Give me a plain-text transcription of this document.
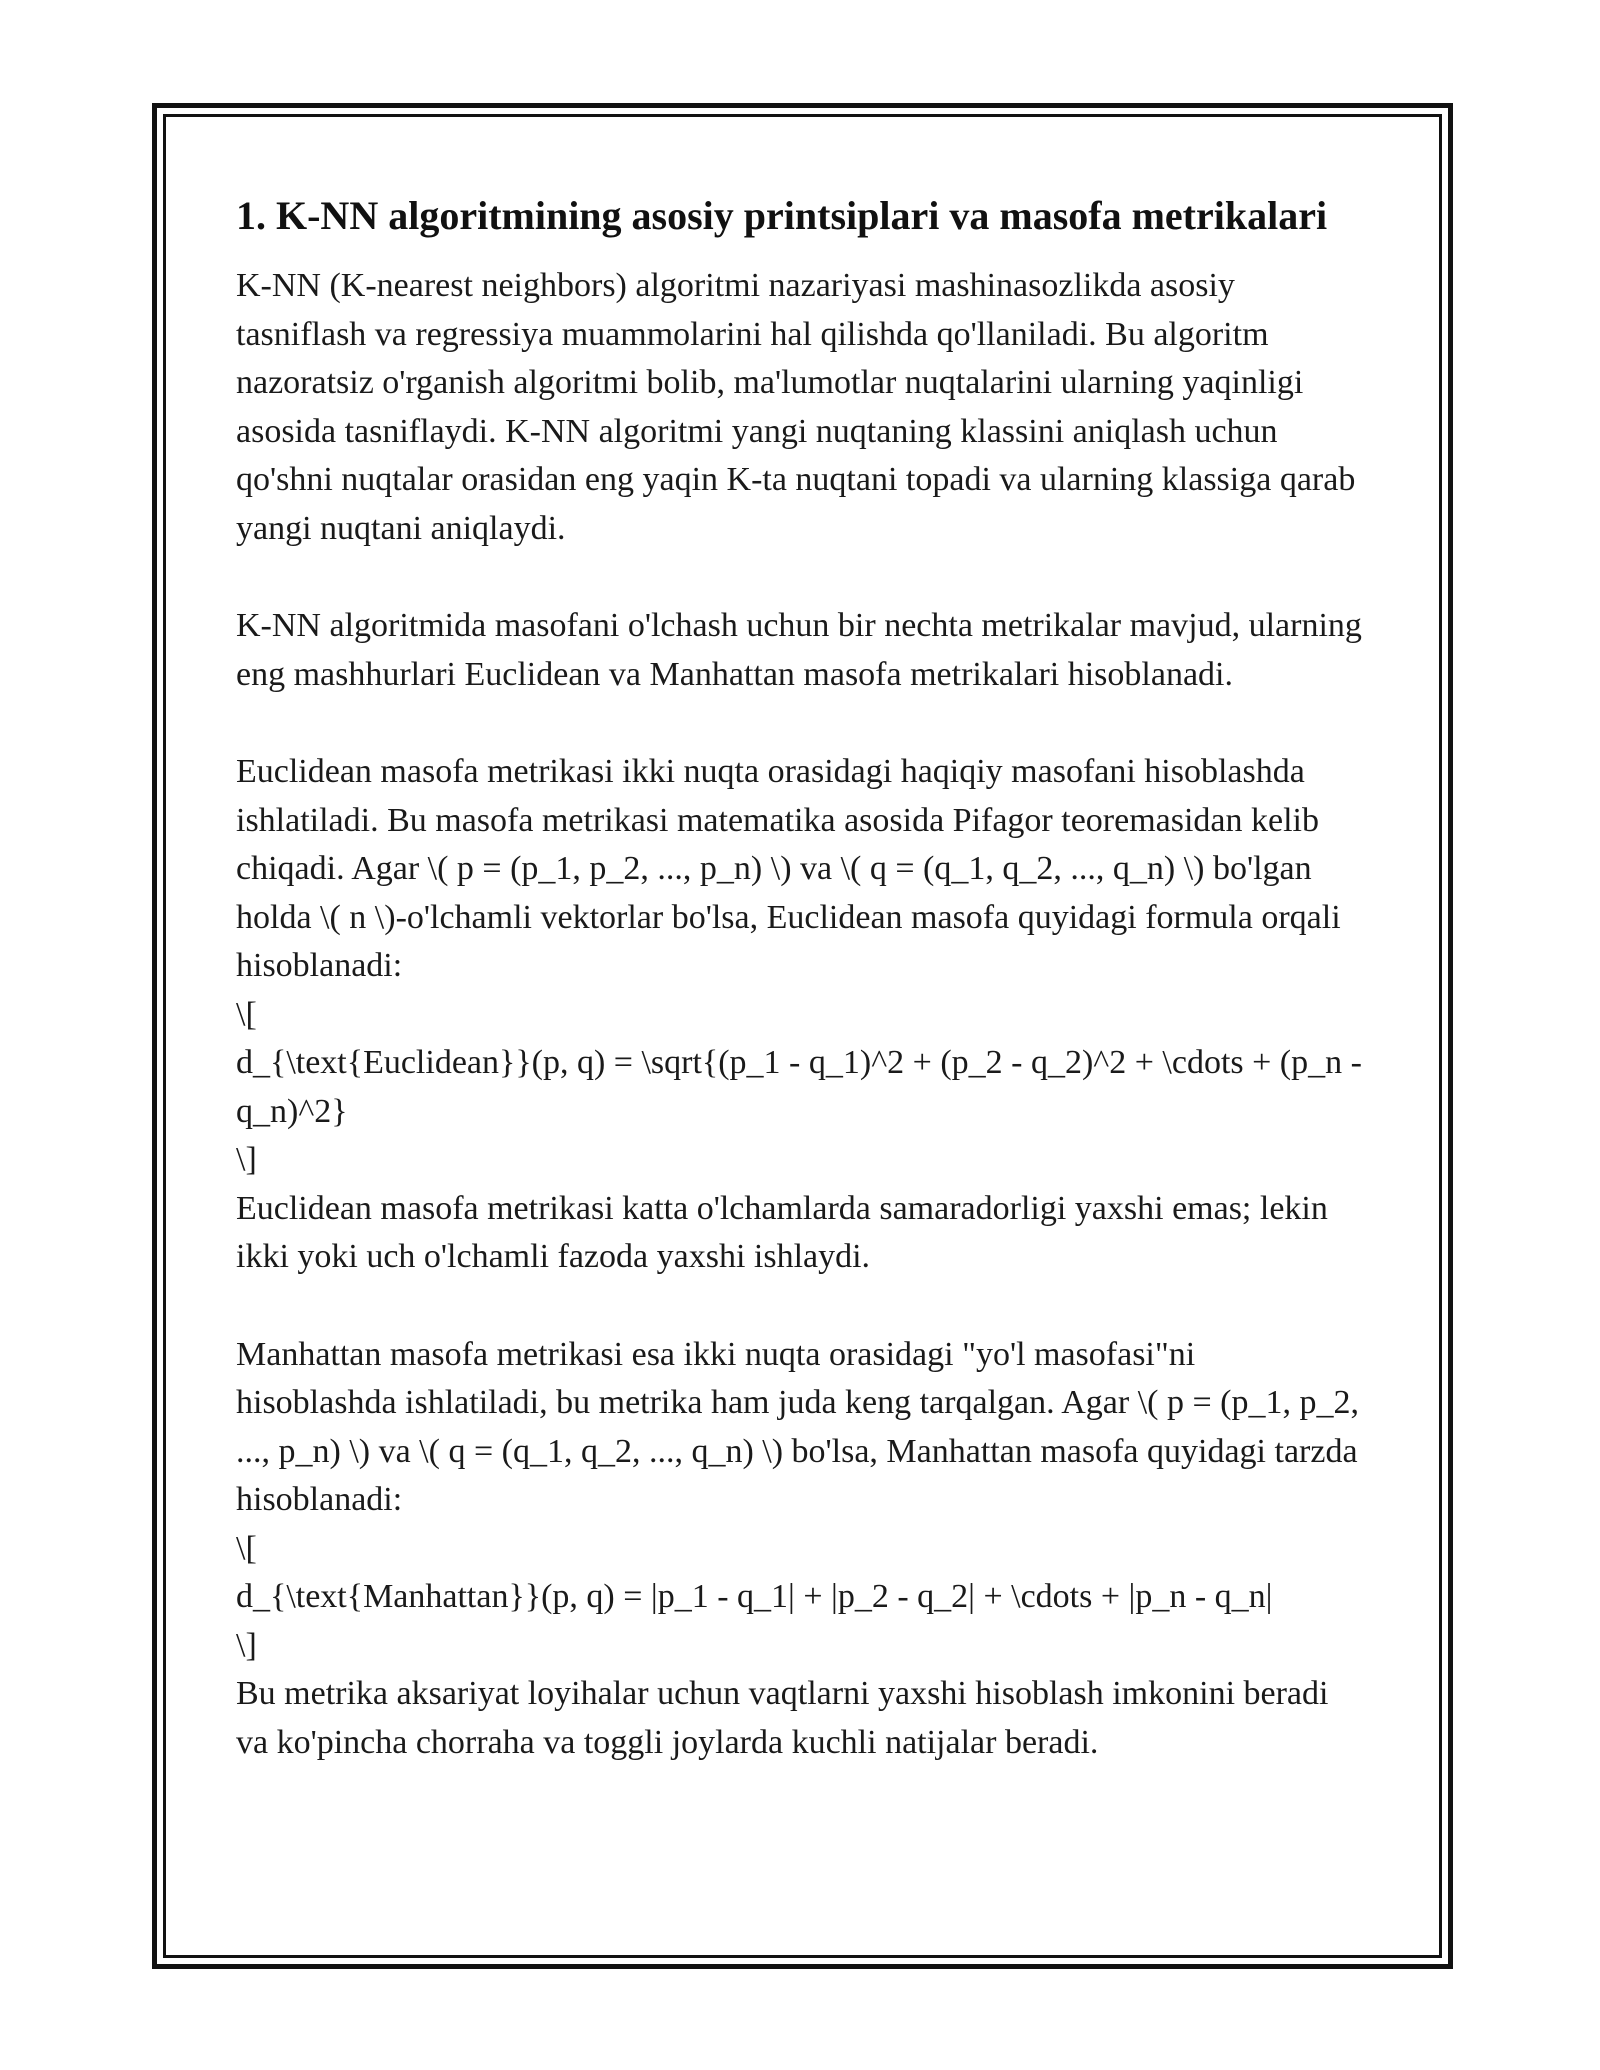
1. K-NN algoritmining asosiy printsiplari va masofa metrikalari

K-NN (K-nearest neighbors) algoritmi nazariyasi mashinasozlikda asosiy tasniflash va regressiya muammolarini hal qilishda qo'llaniladi. Bu algoritm nazoratsiz o'rganish algoritmi bolib, ma'lumotlar nuqtalarini ularning yaqinligi asosida tasniflaydi. K-NN algoritmi yangi nuqtaning klassini aniqlash uchun qo'shni nuqtalar orasidan eng yaqin K-ta nuqtani topadi va ularning klassiga qarab yangi nuqtani aniqlaydi.

K-NN algoritmida masofani o'lchash uchun bir nechta metrikalar mavjud, ularning eng mashhurlari Euclidean va Manhattan masofa metrikalari hisoblanadi.

Euclidean masofa metrikasi ikki nuqta orasidagi haqiqiy masofani hisoblashda ishlatiladi. Bu masofa metrikasi matematika asosida Pifagor teoremasidan kelib chiqadi. Agar \( p = (p_1, p_2, ..., p_n) \) va \( q = (q_1, q_2, ..., q_n) \) bo'lgan holda \( n \)-o'lchamli vektorlar bo'lsa, Euclidean masofa quyidagi formula orqali hisoblanadi:

\[

d_{\text{Euclidean}}(p, q) = \sqrt{(p_1 - q_1)^2 + (p_2 - q_2)^2 + \cdots + (p_n - q_n)^2}

\]

Euclidean masofa metrikasi katta o'lchamlarda samaradorligi yaxshi emas; lekin ikki yoki uch o'lchamli fazoda yaxshi ishlaydi.

Manhattan masofa metrikasi esa ikki nuqta orasidagi "yo'l masofasi"ni hisoblashda ishlatiladi, bu metrika ham juda keng tarqalgan. Agar \( p = (p_1, p_2, ..., p_n) \) va \( q = (q_1, q_2, ..., q_n) \) bo'lsa, Manhattan masofa quyidagi tarzda hisoblanadi:

\[

d_{\text{Manhattan}}(p, q) = |p_1 - q_1| + |p_2 - q_2| + \cdots + |p_n - q_n|

\]

Bu metrika aksariyat loyihalar uchun vaqtlarni yaxshi hisoblash imkonini beradi va ko'pincha chorraha va toggli joylarda kuchli natijalar beradi.
